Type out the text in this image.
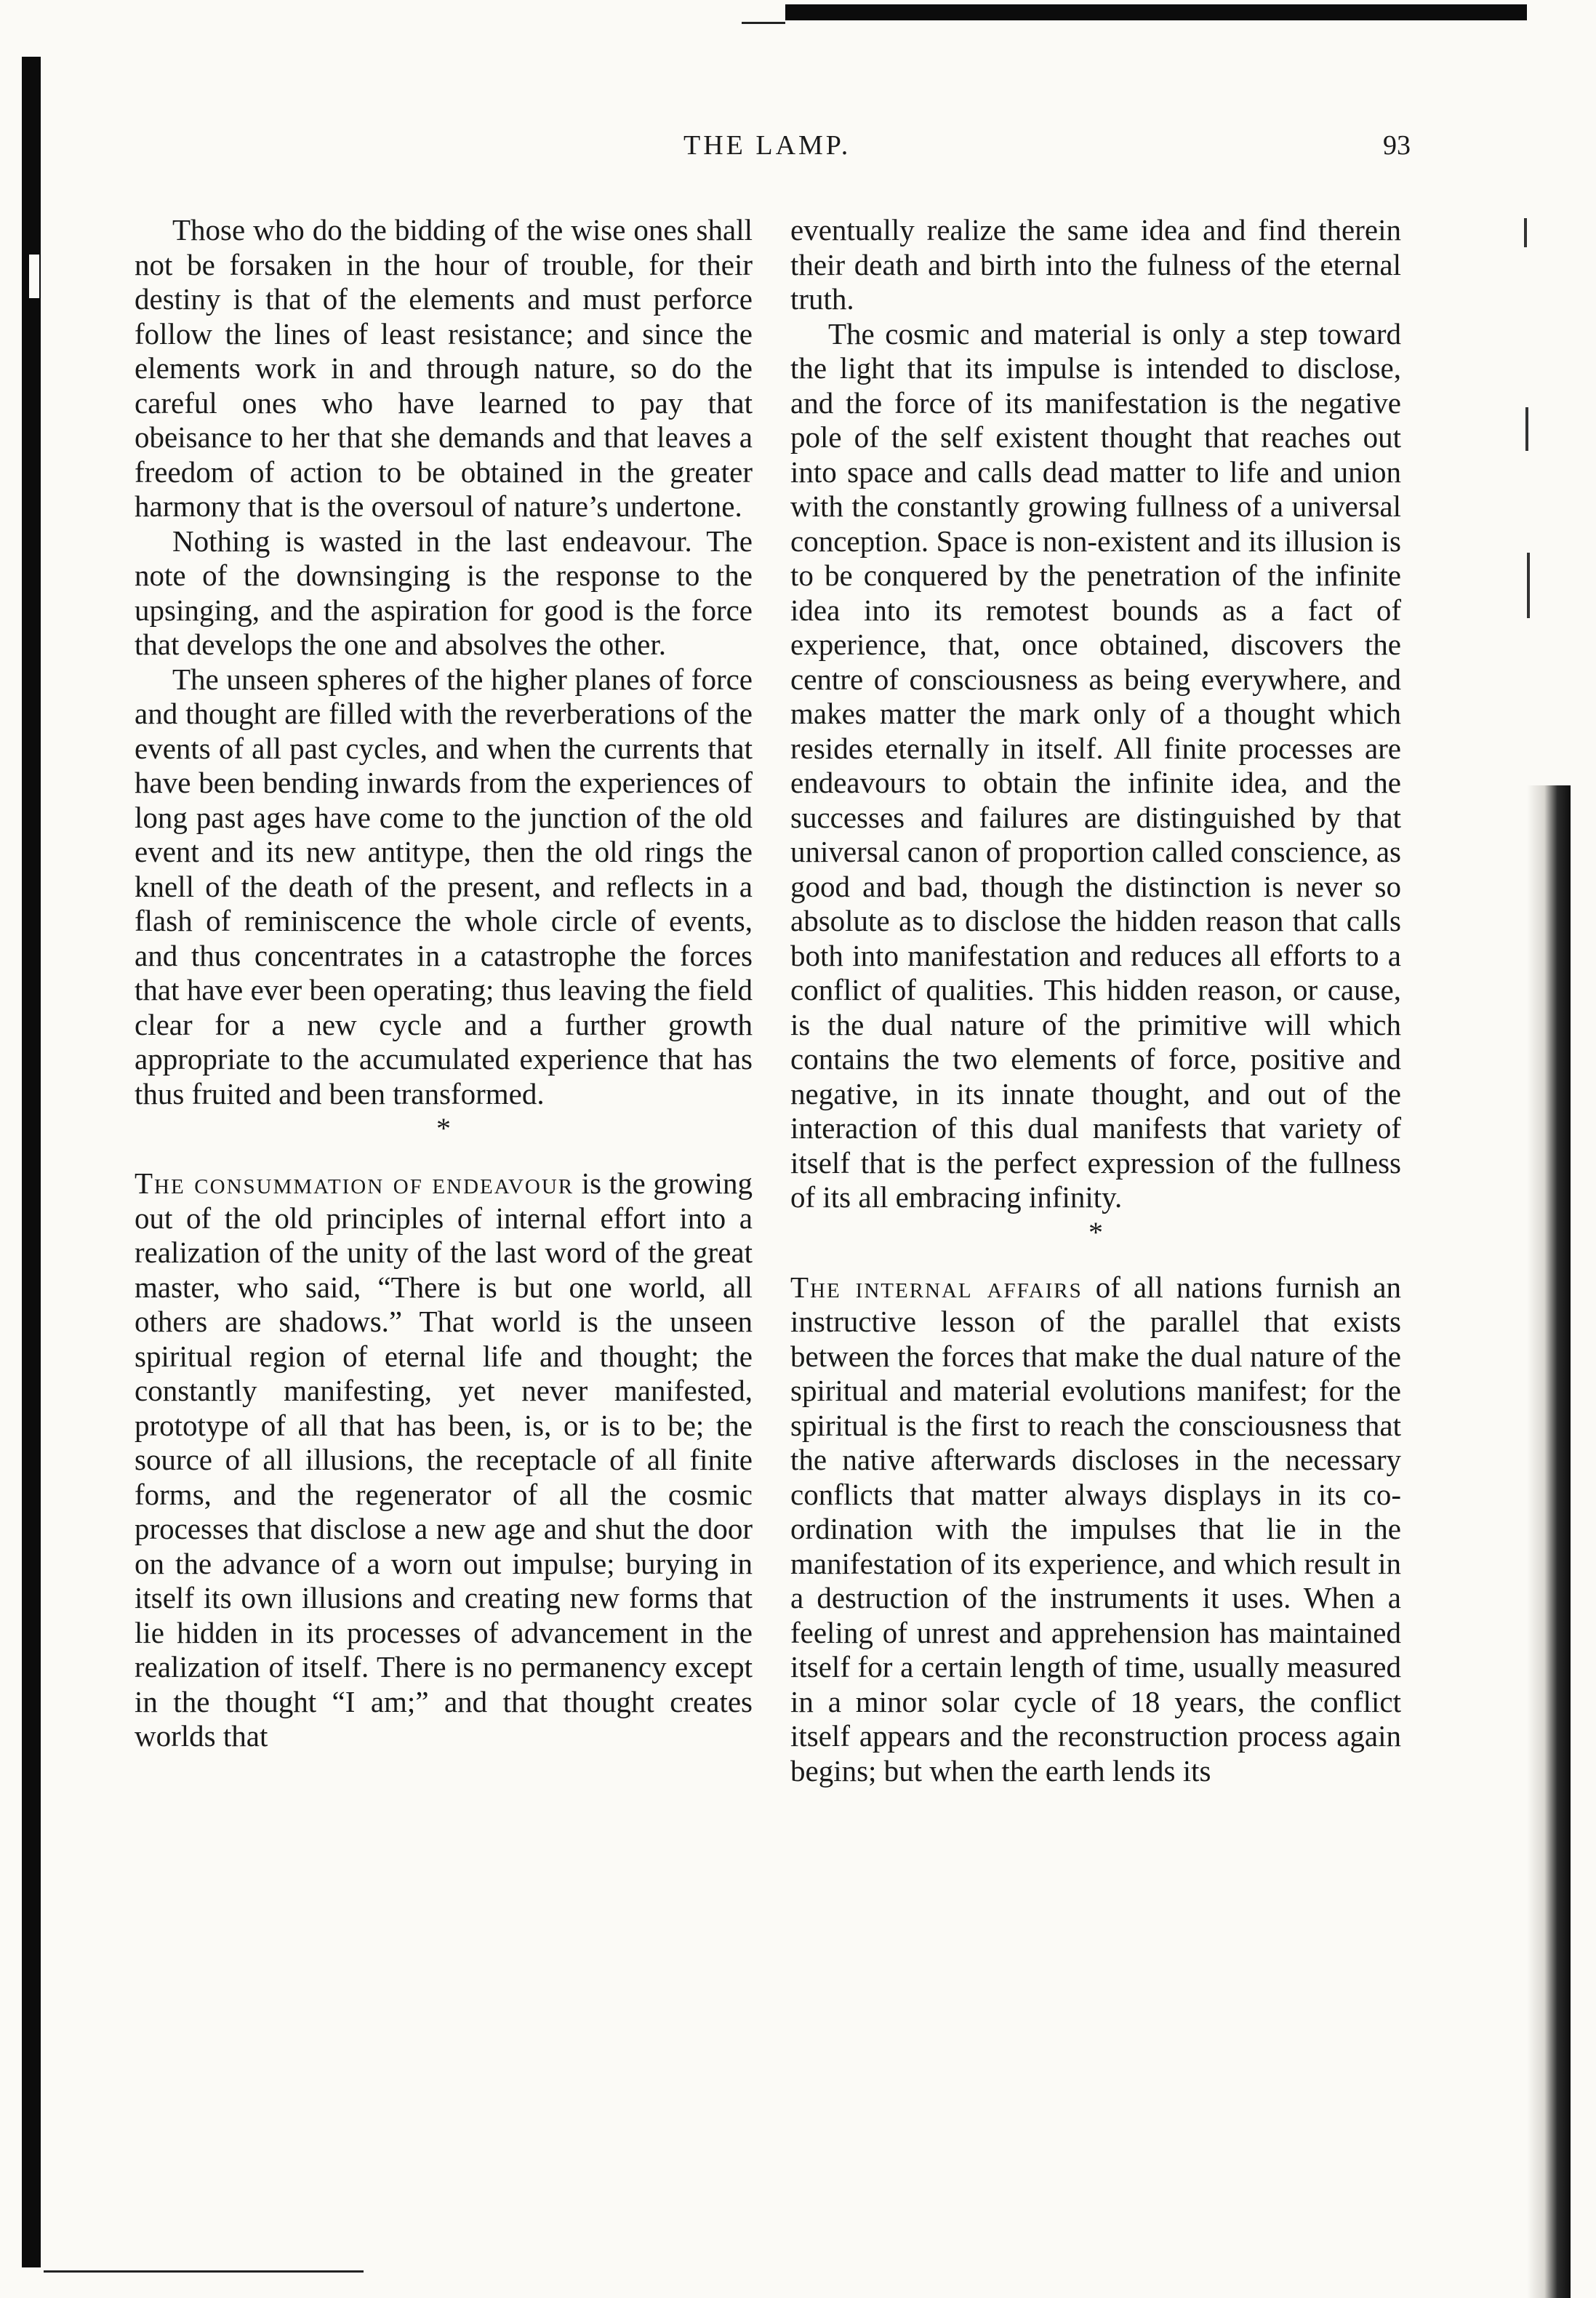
THE LAMP.	93

Those who do the bidding of the wise ones shall not be forsaken in the hour of trouble, for their destiny is that of the elements and must perforce follow the lines of least resistance; and since the elements work in and through nature, so do the careful ones who have learned to pay that obeisance to her that she demands and that leaves a freedom of action to be obtained in the greater harmony that is the oversoul of nature’s undertone.

Nothing is wasted in the last endeavour. The note of the downsinging is the response to the upsinging, and the aspiration for good is the force that develops the one and absolves the other.

The unseen spheres of the higher planes of force and thought are filled with the reverberations of the events of all past cycles, and when the currents that have been bending inwards from the experiences of long past ages have come to the junction of the old event and its new antitype, then the old rings the knell of the death of the present, and reflects in a flash of reminiscence the whole circle of events, and thus concentrates in a catastrophe the forces that have ever been operating; thus leaving the field clear for a new cycle and a further growth appropriate to the accumulated experience that has thus fruited and been transformed.

*

The consummation of endeavour is the growing out of the old principles of internal effort into a realization of the unity of the last word of the great master, who said, “There is but one world, all others are shadows.” That world is the unseen spiritual region of eternal life and thought; the constantly manifesting, yet never manifested, prototype of all that has been, is, or is to be; the source of all illusions, the receptacle of all finite forms, and the regenerator of all the cosmic processes that disclose a new age and shut the door on the advance of a worn out impulse; burying in itself its own illusions and creating new forms that lie hidden in its processes of advancement in the realization of itself. There is no permanency except in the thought “I am;” and that thought creates worlds that

eventually realize the same idea and find therein their death and birth into the fulness of the eternal truth.

The cosmic and material is only a step toward the light that its impulse is intended to disclose, and the force of its manifestation is the negative pole of the self existent thought that reaches out into space and calls dead matter to life and union with the constantly growing fullness of a universal conception. Space is non-existent and its illusion is to be conquered by the penetration of the infinite idea into its remotest bounds as a fact of experience, that, once obtained, discovers the centre of consciousness as being everywhere, and makes matter the mark only of a thought which resides eternally in itself. All finite processes are endeavours to obtain the infinite idea, and the successes and failures are distinguished by that universal canon of proportion called conscience, as good and bad, though the distinction is never so absolute as to disclose the hidden reason that calls both into manifestation and reduces all efforts to a conflict of qualities. This hidden reason, or cause, is the dual nature of the primitive will which contains the two elements of force, positive and negative, in its innate thought, and out of the interaction of this dual manifests that variety of itself that is the perfect expression of the fullness of its all embracing infinity.

*

The internal affairs of all nations furnish an instructive lesson of the parallel that exists between the forces that make the dual nature of the spiritual and material evolutions manifest; for the spiritual is the first to reach the consciousness that the native afterwards discloses in the necessary conflicts that matter always displays in its co-ordination with the impulses that lie in the manifestation of its experience, and which result in a destruction of the instruments it uses. When a feeling of unrest and apprehension has maintained itself for a certain length of time, usually measured in a minor solar cycle of 18 years, the conflict itself appears and the reconstruction process again begins; but when the earth lends its
